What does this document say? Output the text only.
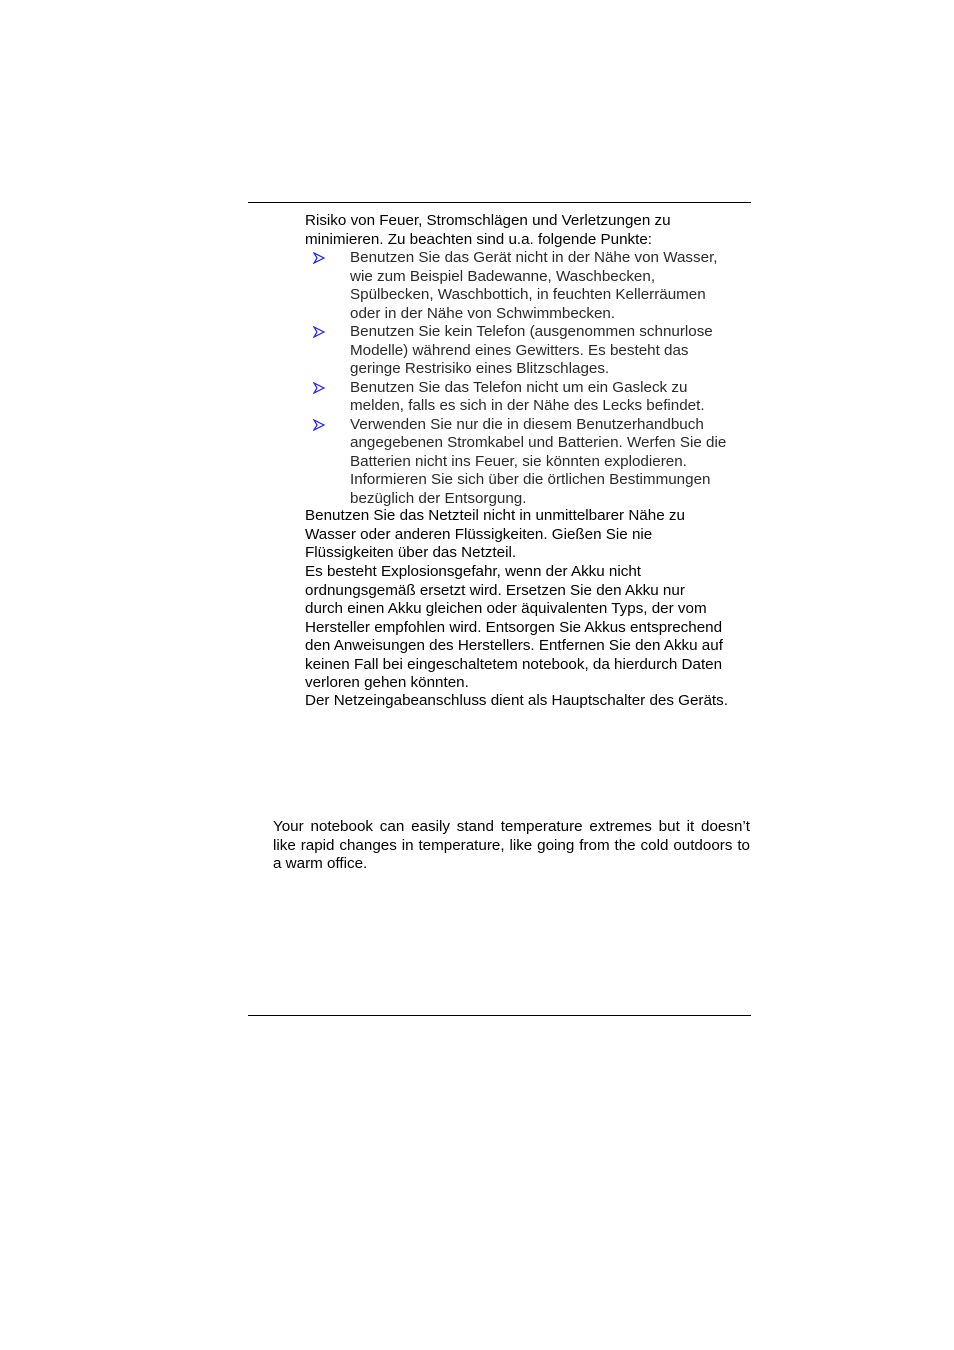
Risiko von Feuer, Stromschlägen und Verletzungen zu
minimieren. Zu beachten sind u.a. folgende Punkte:
Benutzen Sie das Gerät nicht in der Nähe von Wasser,
wie zum Beispiel Badewanne, Waschbecken,
Spülbecken, Waschbottich, in feuchten Kellerräumen
oder in der Nähe von Schwimmbecken.
Benutzen Sie kein Telefon (ausgenommen schnurlose
Modelle) während eines Gewitters. Es besteht das
geringe Restrisiko eines Blitzschlages.
Benutzen Sie das Telefon nicht um ein Gasleck zu
melden, falls es sich in der Nähe des Lecks befindet.
Verwenden Sie nur die in diesem Benutzerhandbuch
angegebenen Stromkabel und Batterien. Werfen Sie die
Batterien nicht ins Feuer, sie könnten explodieren.
Informieren Sie sich über die örtlichen Bestimmungen
bezüglich der Entsorgung.
Benutzen Sie das Netzteil nicht in unmittelbarer Nähe zu
Wasser oder anderen Flüssigkeiten. Gießen Sie nie
Flüssigkeiten über das Netzteil.
Es besteht Explosionsgefahr, wenn der Akku nicht
ordnungsgemäß ersetzt wird. Ersetzen Sie den Akku nur
durch einen Akku gleichen oder äquivalenten Typs, der vom
Hersteller empfohlen wird. Entsorgen Sie Akkus entsprechend
den Anweisungen des Herstellers. Entfernen Sie den Akku auf
keinen Fall bei eingeschaltetem notebook, da hierdurch Daten
verloren gehen könnten.
Der Netzeingabeanschluss dient als Hauptschalter des Geräts.

Your notebook can easily stand temperature extremes but it doesn’t like rapid changes in temperature, like going from the cold outdoors to a warm office.
